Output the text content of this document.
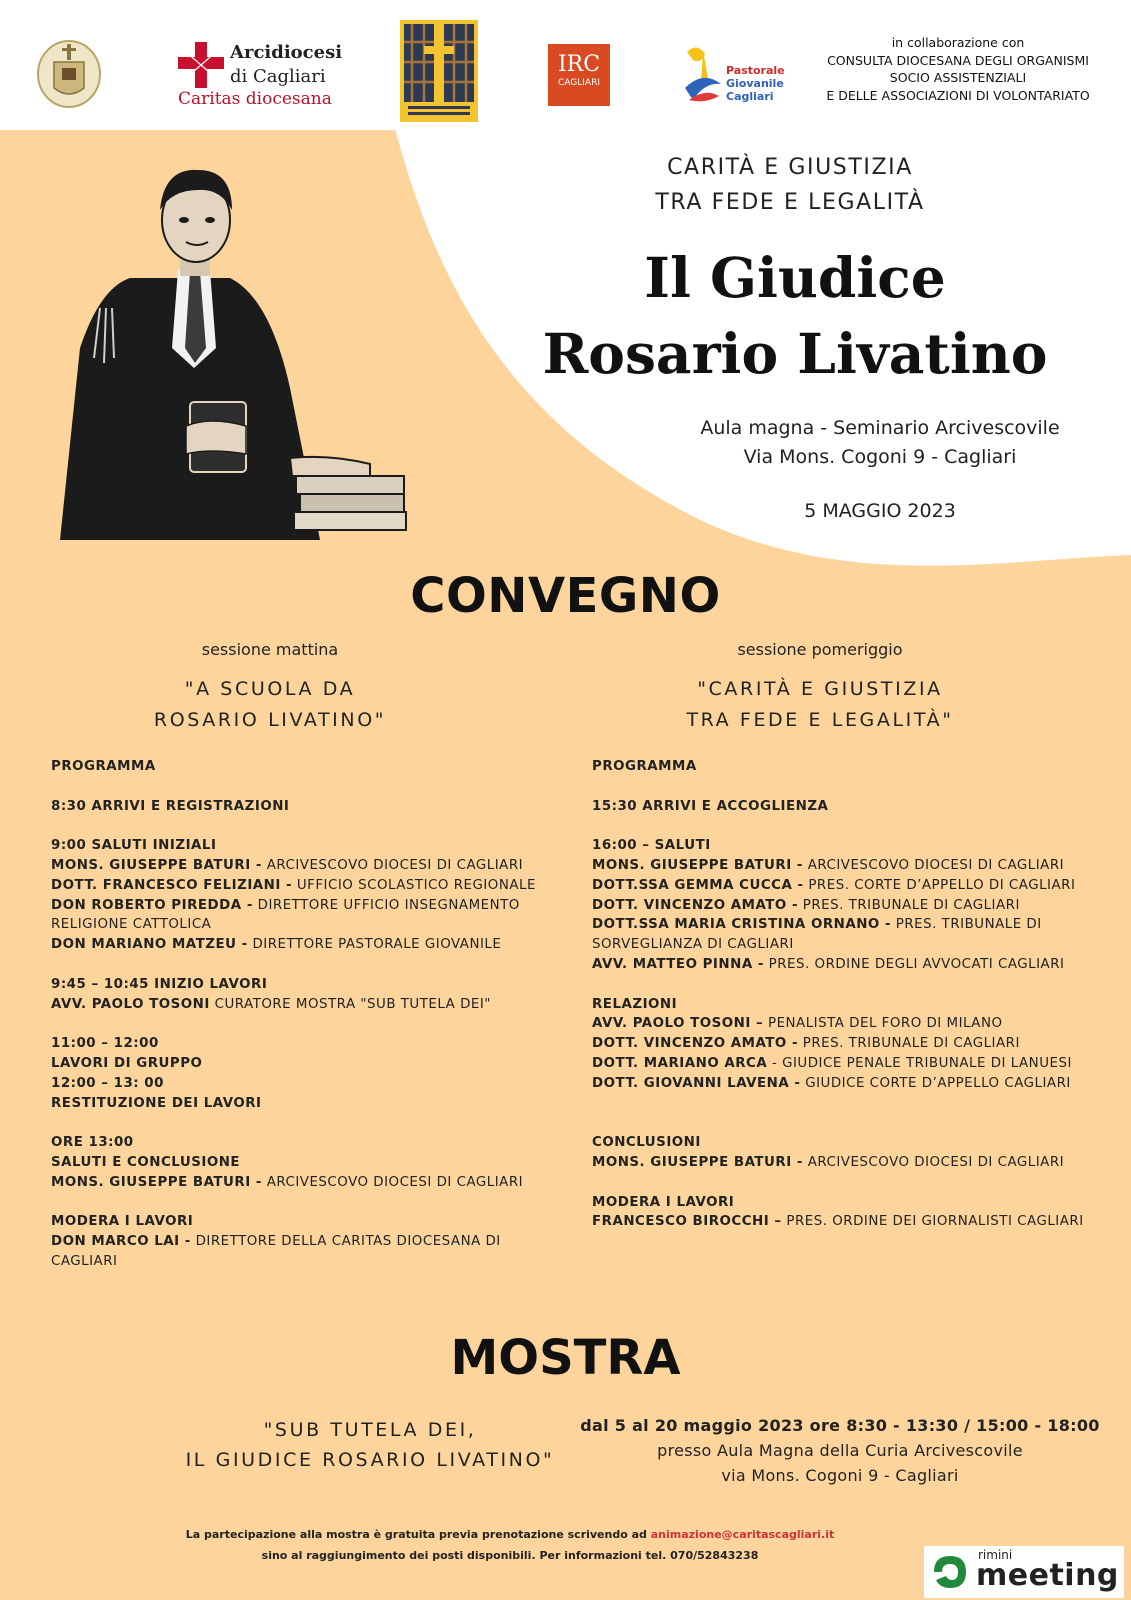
Arcidiocesi
di Cagliari
Caritas diocesana
IRC
CAGLIARI
Pastorale
Giovanile
Cagliari
in collaborazione con
CONSULTA DIOCESANA DEGLI ORGANISMI
SOCIO ASSISTENZIALI
E DELLE ASSOCIAZIONI DI VOLONTARIATO
CARITÀ E GIUSTIZIA
TRA FEDE E LEGALITÀ
Il Giudice
Rosario Livatino
Aula magna - Seminario Arcivescovile
Via Mons. Cogoni 9 - Cagliari
5 MAGGIO 2023
CONVEGNO
sessione mattina
"A SCUOLA DA
ROSARIO LIVATINO"
PROGRAMMA

8:30 ARRIVI E REGISTRAZIONI

9:00 SALUTI INIZIALI
MONS. GIUSEPPE BATURI - ARCIVESCOVO DIOCESI DI CAGLIARI
DOTT. FRANCESCO FELIZIANI - UFFICIO SCOLASTICO REGIONALE
DON ROBERTO PIREDDA - DIRETTORE UFFICIO INSEGNAMENTO RELIGIONE CATTOLICA
DON MARIANO MATZEU - DIRETTORE PASTORALE GIOVANILE

9:45 – 10:45 INIZIO LAVORI
AVV. PAOLO TOSONI CURATORE MOSTRA "SUB TUTELA DEI"

11:00 – 12:00
LAVORI DI GRUPPO
12:00 – 13: 00
RESTITUZIONE DEI LAVORI

ORE 13:00
SALUTI E CONCLUSIONE
MONS. GIUSEPPE BATURI - ARCIVESCOVO DIOCESI DI CAGLIARI

MODERA I LAVORI
DON MARCO LAI - DIRETTORE DELLA CARITAS DIOCESANA DI CAGLIARI
sessione pomeriggio
"CARITÀ E GIUSTIZIA
TRA FEDE E LEGALITÀ"
PROGRAMMA

15:30 ARRIVI E ACCOGLIENZA

16:00 – SALUTI
MONS. GIUSEPPE BATURI - ARCIVESCOVO DIOCESI DI CAGLIARI
DOTT.SSA GEMMA CUCCA - PRES. CORTE D’APPELLO DI CAGLIARI
DOTT. VINCENZO AMATO - PRES. TRIBUNALE DI CAGLIARI
DOTT.SSA MARIA CRISTINA ORNANO - PRES. TRIBUNALE DI SORVEGLIANZA DI CAGLIARI
AVV. MATTEO PINNA - PRES. ORDINE DEGLI AVVOCATI CAGLIARI

RELAZIONI
AVV. PAOLO TOSONI – PENALISTA DEL FORO DI MILANO
DOTT. VINCENZO AMATO - PRES. TRIBUNALE DI CAGLIARI
DOTT. MARIANO ARCA - GIUDICE PENALE TRIBUNALE DI LANUESI
DOTT. GIOVANNI LAVENA - GIUDICE CORTE D’APPELLO CAGLIARI

CONCLUSIONI
MONS. GIUSEPPE BATURI - ARCIVESCOVO DIOCESI DI CAGLIARI

MODERA I LAVORI
FRANCESCO BIROCCHI – PRES. ORDINE DEI GIORNALISTI CAGLIARI
MOSTRA
"SUB TUTELA DEI,
IL GIUDICE ROSARIO LIVATINO"
dal 5 al 20 maggio 2023 ore 8:30 - 13:30 / 15:00 - 18:00
presso Aula Magna della Curia Arcivescovile
via Mons. Cogoni 9 - Cagliari
La partecipazione alla mostra è gratuita previa prenotazione scrivendo ad animazione@caritascagliari.it
sino al raggiungimento dei posti disponibili. Per informazioni tel. 070/52843238	rimini
meeting
